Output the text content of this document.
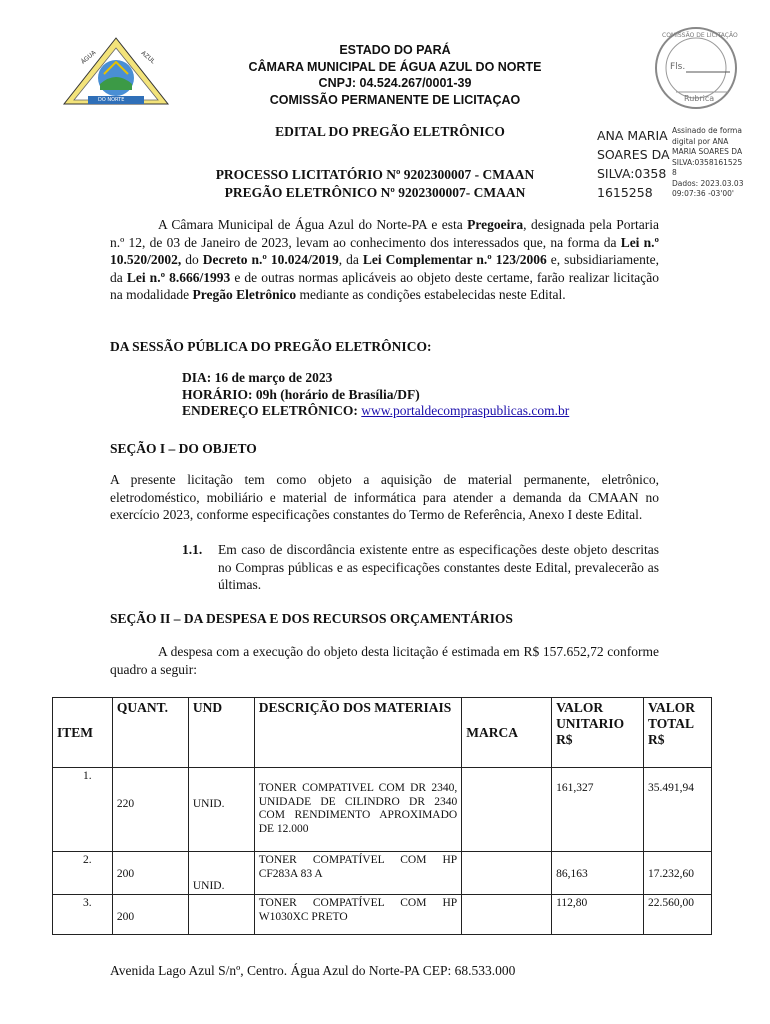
ÁGUA	AZUL
DO NORTE
ESTADO DO PARÁ
CÂMARA MUNICIPAL DE ÁGUA AZUL DO NORTE
CNPJ: 04.524.267/0001-39
COMISSÃO PERMANENTE DE LICITAÇAO
COMISSÃO DE LICITAÇÃO
Fls.
Rubrica
EDITAL DO PREGÃO ELETRÔNICO
PROCESSO LICITATÓRIO Nº 9202300007 - CMAAN
PREGÃO ELETRÔNICO Nº 9202300007- CMAAN
ANA MARIA
SOARES DA
SILVA:0358
1615258
Assinado de forma
digital por ANA
MARIA SOARES DA
SILVA:0358161525
8
Dados: 2023.03.03
09:07:36 -03'00'
A Câmara Municipal de Água Azul do Norte-PA e esta Pregoeira, designada pela Portaria n.º 12, de 03 de Janeiro de 2023, levam ao conhecimento dos interessados que, na forma da Lei n.º 10.520/2002, do Decreto n.º 10.024/2019, da Lei Complementar n.º 123/2006 e, subsidiariamente, da Lei n.º 8.666/1993 e de outras normas aplicáveis ao objeto deste certame, farão realizar licitação na modalidade Pregão Eletrônico mediante as condições estabelecidas neste Edital.
DA SESSÃO PÚBLICA DO PREGÃO ELETRÔNICO:
DIA: 16 de março de 2023
HORÁRIO: 09h (horário de Brasília/DF)
ENDEREÇO ELETRÔNICO: www.portaldecompraspublicas.com.br
SEÇÃO I – DO OBJETO
A presente licitação tem como objeto a aquisição de material permanente, eletrônico, eletrodoméstico, mobiliário e material de informática para atender a demanda da CMAAN no exercício 2023, conforme especificações constantes do Termo de Referência, Anexo I deste Edital.
1.1. Em caso de discordância existente entre as especificações deste objeto descritas no Compras públicas e as especificações constantes deste Edital, prevalecerão as últimas.
SEÇÃO II – DA DESPESA E DOS RECURSOS ORÇAMENTÁRIOS
A despesa com a execução do objeto desta licitação é estimada em R$ 157.652,72 conforme quadro a seguir:
ITEM	QUANT.	UND	DESCRIÇÃO DOS MATERIAIS	MARCA	VALOR UNITARIO R$	VALOR TOTAL R$
1.	220	UNID.	TONER COMPATIVEL COM DR 2340, UNIDADE DE CILINDRO DR 2340 COM RENDIMENTO APROXIMADO DE 12.000		161,327	35.491,94
2.	200	UNID.	TONER COMPATÍVEL COM HP CF283A 83 A		86,163	17.232,60
3.	200		TONER COMPATÍVEL COM HP W1030XC PRETO		112,80	22.560,00
Avenida Lago Azul S/nº, Centro. Água Azul do Norte-PA CEP: 68.533.000
